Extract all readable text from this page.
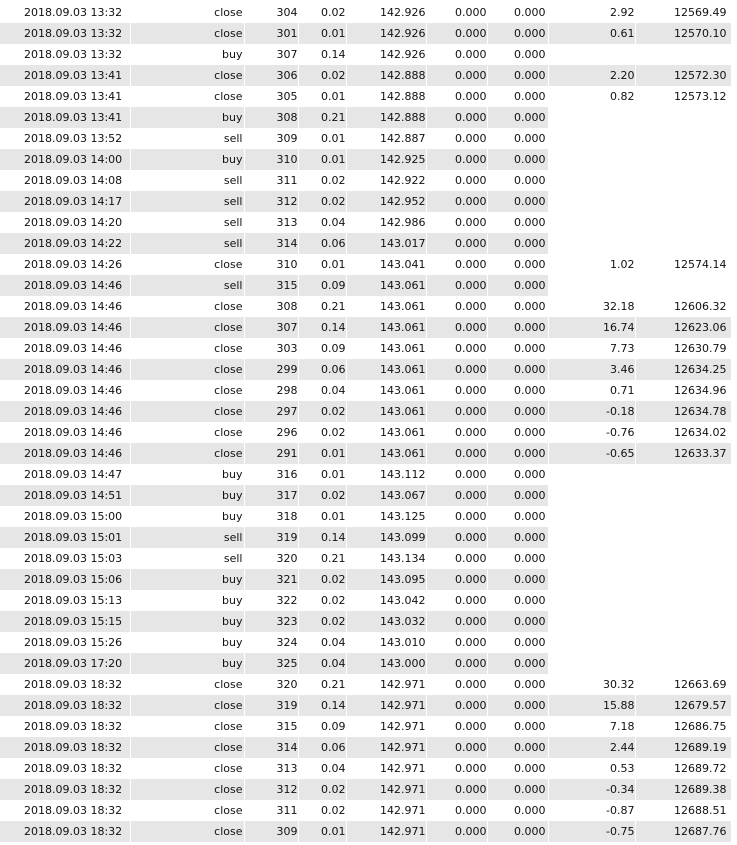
2018.09.03 13:32	close	304	0.02	142.926	0.000	0.000	2.92	12569.49
2018.09.03 13:32	close	301	0.01	142.926	0.000	0.000	0.61	12570.10
2018.09.03 13:32	buy	307	0.14	142.926	0.000	0.000		
2018.09.03 13:41	close	306	0.02	142.888	0.000	0.000	2.20	12572.30
2018.09.03 13:41	close	305	0.01	142.888	0.000	0.000	0.82	12573.12
2018.09.03 13:41	buy	308	0.21	142.888	0.000	0.000		
2018.09.03 13:52	sell	309	0.01	142.887	0.000	0.000		
2018.09.03 14:00	buy	310	0.01	142.925	0.000	0.000		
2018.09.03 14:08	sell	311	0.02	142.922	0.000	0.000		
2018.09.03 14:17	sell	312	0.02	142.952	0.000	0.000		
2018.09.03 14:20	sell	313	0.04	142.986	0.000	0.000		
2018.09.03 14:22	sell	314	0.06	143.017	0.000	0.000		
2018.09.03 14:26	close	310	0.01	143.041	0.000	0.000	1.02	12574.14
2018.09.03 14:46	sell	315	0.09	143.061	0.000	0.000		
2018.09.03 14:46	close	308	0.21	143.061	0.000	0.000	32.18	12606.32
2018.09.03 14:46	close	307	0.14	143.061	0.000	0.000	16.74	12623.06
2018.09.03 14:46	close	303	0.09	143.061	0.000	0.000	7.73	12630.79
2018.09.03 14:46	close	299	0.06	143.061	0.000	0.000	3.46	12634.25
2018.09.03 14:46	close	298	0.04	143.061	0.000	0.000	0.71	12634.96
2018.09.03 14:46	close	297	0.02	143.061	0.000	0.000	-0.18	12634.78
2018.09.03 14:46	close	296	0.02	143.061	0.000	0.000	-0.76	12634.02
2018.09.03 14:46	close	291	0.01	143.061	0.000	0.000	-0.65	12633.37
2018.09.03 14:47	buy	316	0.01	143.112	0.000	0.000		
2018.09.03 14:51	buy	317	0.02	143.067	0.000	0.000		
2018.09.03 15:00	buy	318	0.01	143.125	0.000	0.000		
2018.09.03 15:01	sell	319	0.14	143.099	0.000	0.000		
2018.09.03 15:03	sell	320	0.21	143.134	0.000	0.000		
2018.09.03 15:06	buy	321	0.02	143.095	0.000	0.000		
2018.09.03 15:13	buy	322	0.02	143.042	0.000	0.000		
2018.09.03 15:15	buy	323	0.02	143.032	0.000	0.000		
2018.09.03 15:26	buy	324	0.04	143.010	0.000	0.000		
2018.09.03 17:20	buy	325	0.04	143.000	0.000	0.000		
2018.09.03 18:32	close	320	0.21	142.971	0.000	0.000	30.32	12663.69
2018.09.03 18:32	close	319	0.14	142.971	0.000	0.000	15.88	12679.57
2018.09.03 18:32	close	315	0.09	142.971	0.000	0.000	7.18	12686.75
2018.09.03 18:32	close	314	0.06	142.971	0.000	0.000	2.44	12689.19
2018.09.03 18:32	close	313	0.04	142.971	0.000	0.000	0.53	12689.72
2018.09.03 18:32	close	312	0.02	142.971	0.000	0.000	-0.34	12689.38
2018.09.03 18:32	close	311	0.02	142.971	0.000	0.000	-0.87	12688.51
2018.09.03 18:32	close	309	0.01	142.971	0.000	0.000	-0.75	12687.76
